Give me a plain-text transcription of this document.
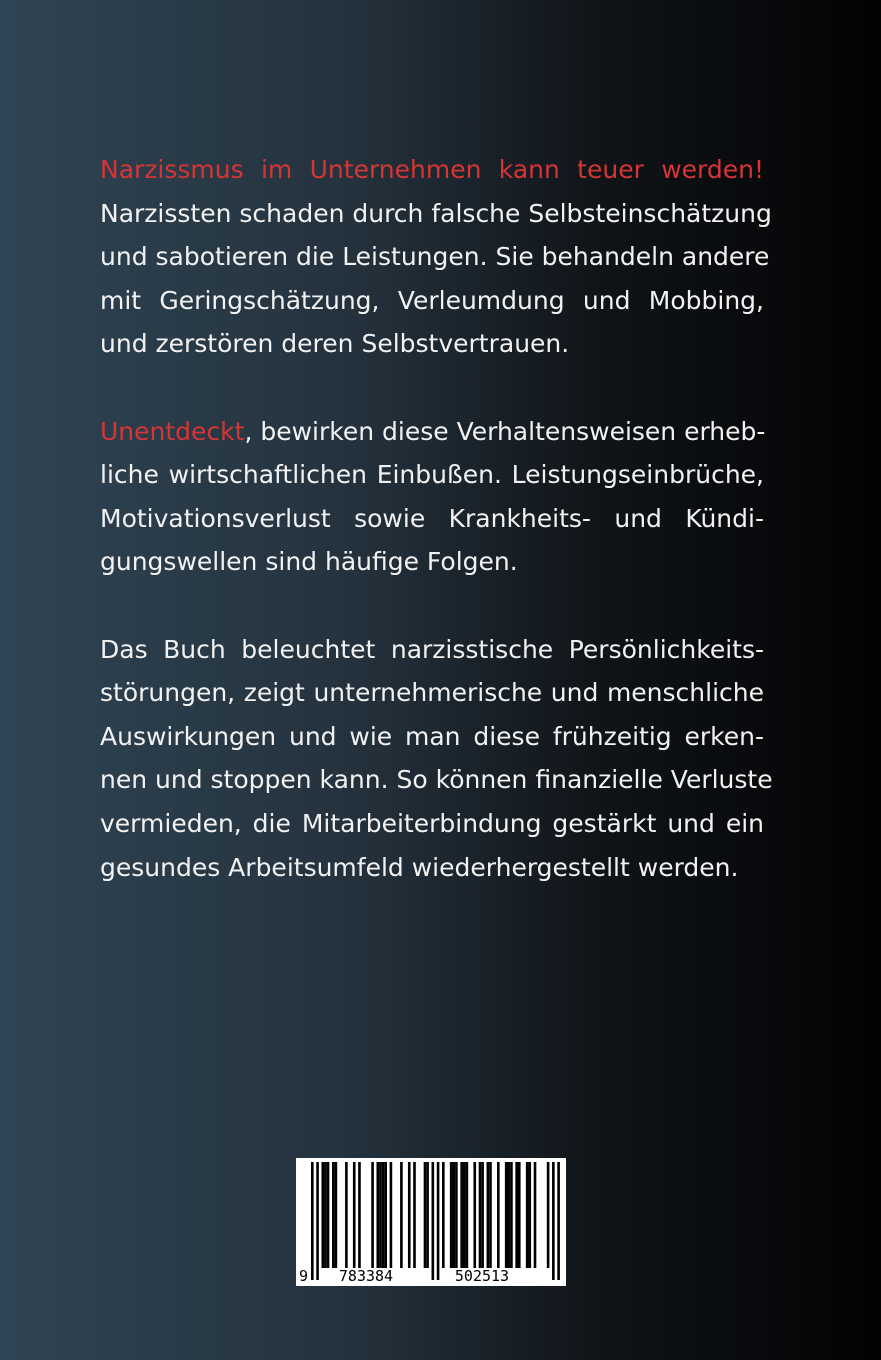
Narzissmus im Unternehmen kann teuer werden!
Narzissten schaden durch falsche Selbsteinschätzung
und sabotieren die Leistungen. Sie behandeln andere
mit Geringschätzung, Verleumdung und Mobbing,
und zerstören deren Selbstvertrauen.

Unentdeckt, bewirken diese Verhaltensweisen erheb-
liche wirtschaftlichen Einbußen. Leistungseinbrüche,
Motivationsverlust sowie Krankheits- und Kündi-
gungswellen sind häufige Folgen.

Das Buch beleuchtet narzisstische Persönlichkeits-
störungen, zeigt unternehmerische und menschliche
Auswirkungen und wie man diese frühzeitig erken-
nen und stoppen kann. So können finanzielle Verluste
vermieden, die Mitarbeiterbindung gestärkt und ein
gesundes Arbeitsumfeld wiederhergestellt werden.

9 783384	502513
